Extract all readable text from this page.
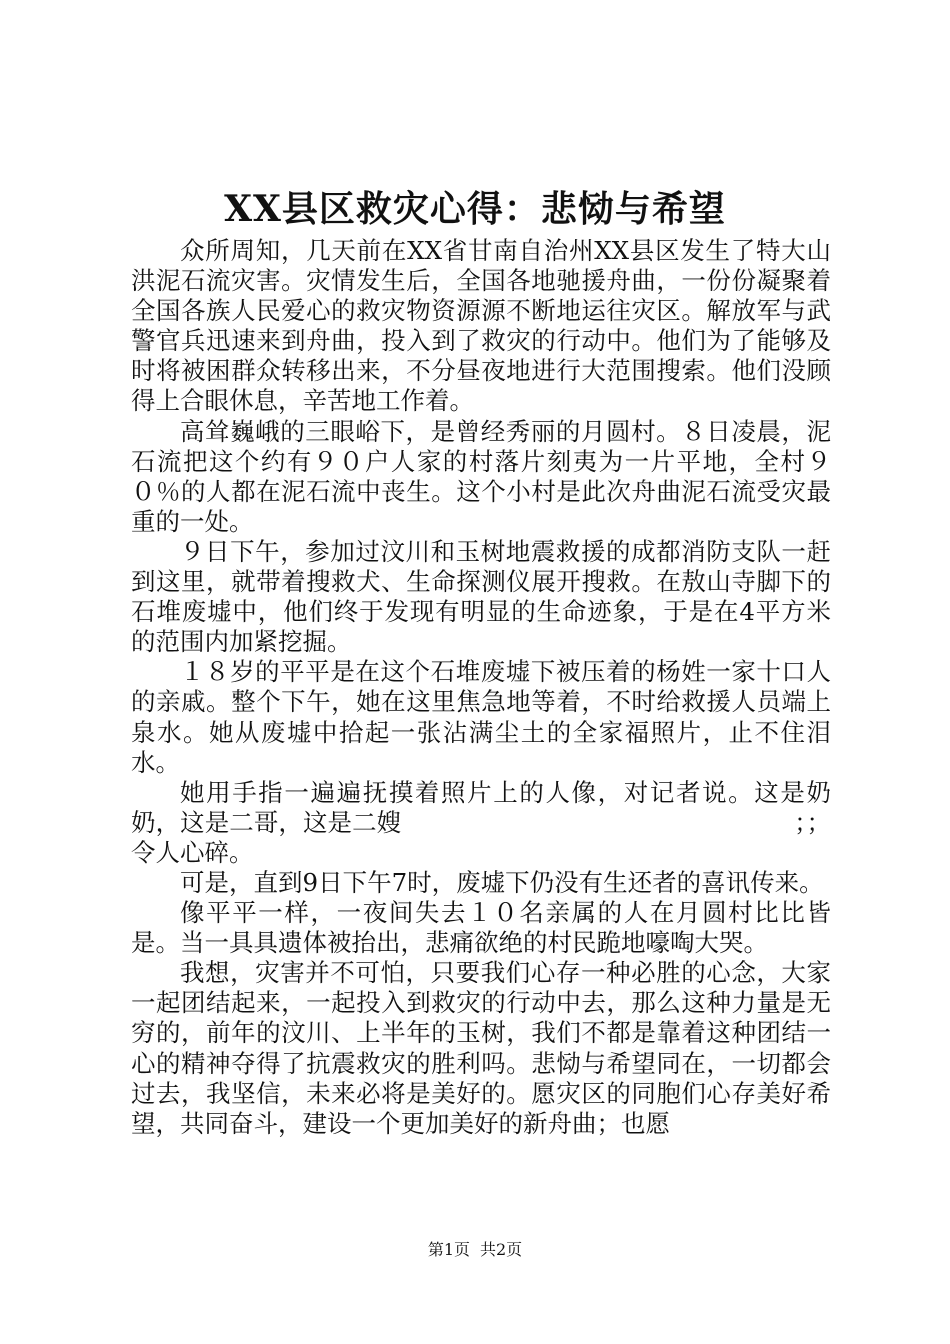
XX县区救灾心得：悲恸与希望

众所周知，几天前在XX省甘南自治州XX县区发生了特大山洪泥石流灾害。灾情发生后，全国各地驰援舟曲，一份份凝聚着全国各族人民爱心的救灾物资源源不断地运往灾区。解放军与武警官兵迅速来到舟曲，投入到了救灾的行动中。他们为了能够及时将被困群众转移出来，不分昼夜地进行大范围搜索。他们没顾得上合眼休息，辛苦地工作着。

高耸巍峨的三眼峪下，是曾经秀丽的月圆村。８日凌晨，泥石流把这个约有９０户人家的村落片刻夷为一片平地，全村９０％的人都在泥石流中丧生。这个小村是此次舟曲泥石流受灾最重的一处。

９日下午，参加过汶川和玉树地震救援的成都消防支队一赶到这里，就带着搜救犬、生命探测仪展开搜救。在敖山寺脚下的石堆废墟中，他们终于发现有明显的生命迹象，于是在4平方米的范围内加紧挖掘。

１８岁的平平是在这个石堆废墟下被压着的杨姓一家十口人的亲戚。整个下午，她在这里焦急地等着，不时给救援人员端上泉水。她从废墟中拾起一张沾满尘土的全家福照片，止不住泪水。

她用手指一遍遍抚摸着照片上的人像，对记者说。这是奶奶，这是二哥，这是二嫂　　　　　　　　　　　　　　　　；；令人心碎。

可是，直到9日下午7时，废墟下仍没有生还者的喜讯传来。

像平平一样，一夜间失去１０名亲属的人在月圆村比比皆是。当一具具遗体被抬出，悲痛欲绝的村民跪地嚎啕大哭。

我想，灾害并不可怕，只要我们心存一种必胜的心念，大家一起团结起来，一起投入到救灾的行动中去，那么这种力量是无穷的，前年的汶川、上半年的玉树，我们不都是靠着这种团结一心的精神夺得了抗震救灾的胜利吗。悲恸与希望同在，一切都会过去，我坚信，未来必将是美好的。愿灾区的同胞们心存美好希望，共同奋斗，建设一个更加美好的新舟曲；也愿

第1页 共2页
